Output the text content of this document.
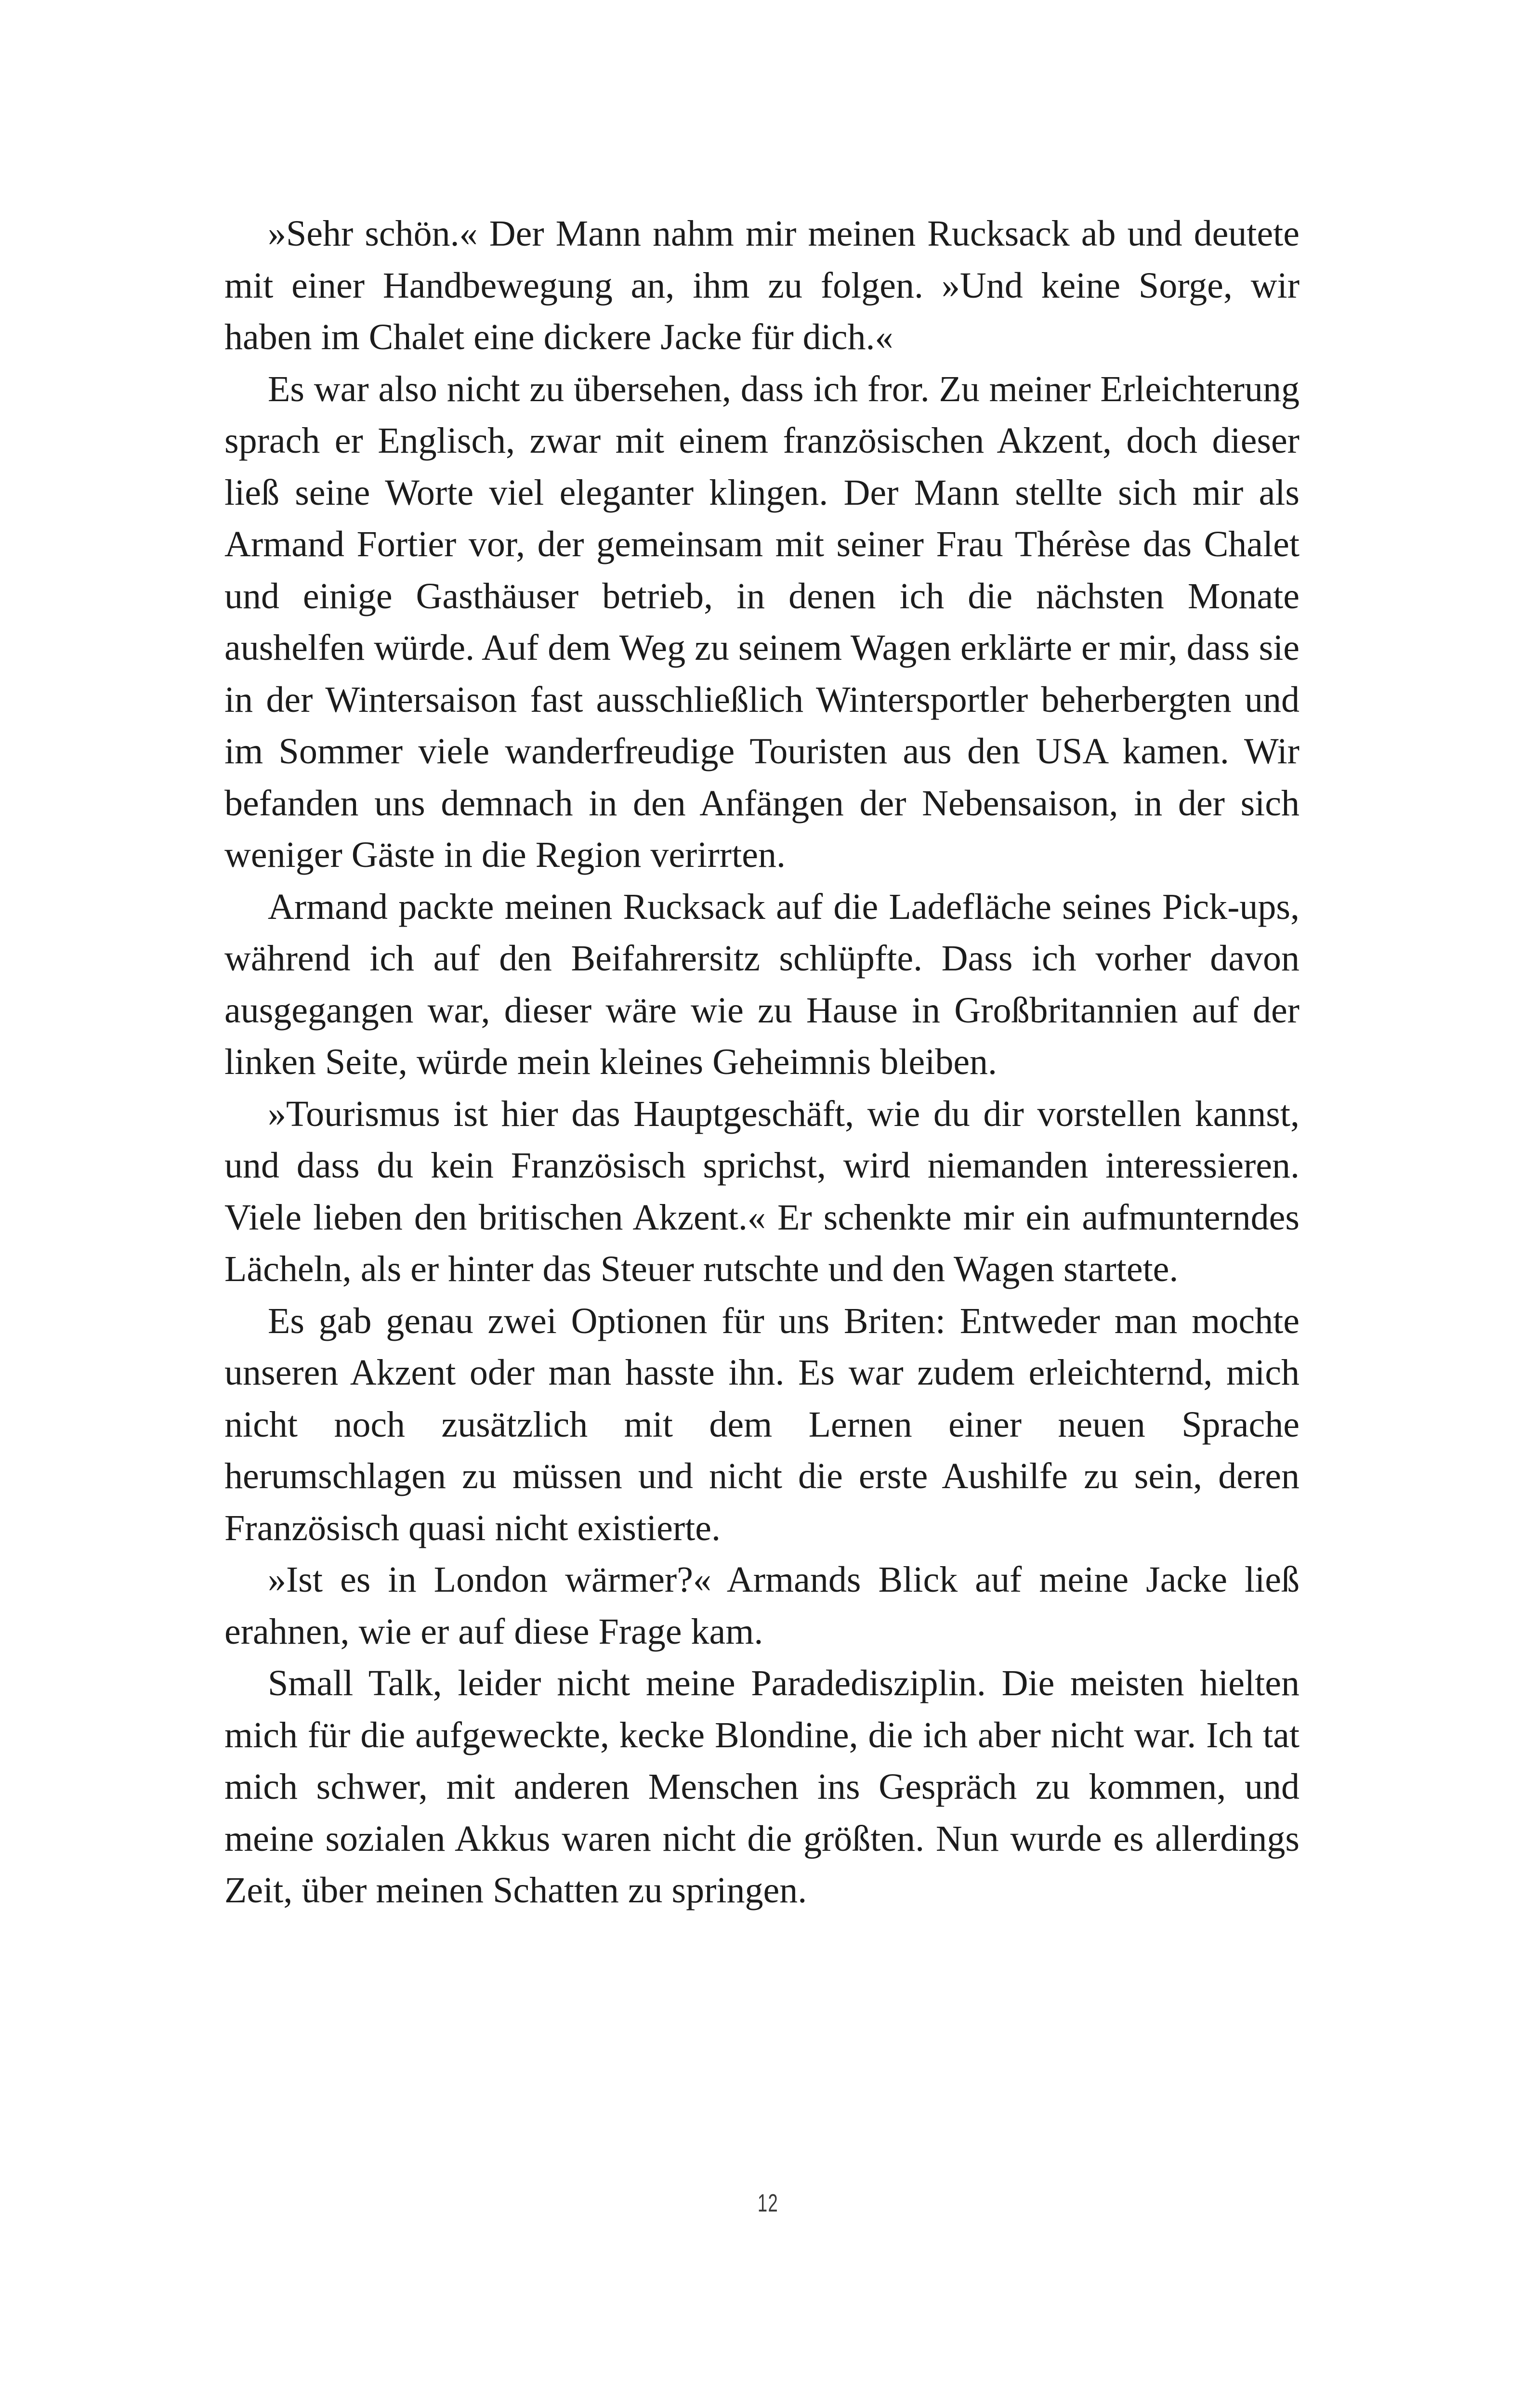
»Sehr schön.« Der Mann nahm mir meinen Rucksack ab und deutete mit einer Handbewegung an, ihm zu folgen. »Und keine Sorge, wir haben im Chalet eine dickere Jacke für dich.«

Es war also nicht zu übersehen, dass ich fror. Zu meiner Erleichterung sprach er Englisch, zwar mit einem französischen Akzent, doch dieser ließ seine Worte viel eleganter klingen. Der Mann stellte sich mir als Armand Fortier vor, der gemeinsam mit seiner Frau Thérèse das Chalet und einige Gasthäuser betrieb, in denen ich die nächsten Monate aushelfen würde. Auf dem Weg zu seinem Wagen erklärte er mir, dass sie in der Wintersaison fast ausschließlich Wintersportler beherbergten und im Sommer viele wanderfreudige Touristen aus den USA kamen. Wir befanden uns demnach in den Anfängen der Nebensaison, in der sich weniger Gäste in die Region verirrten.

Armand packte meinen Rucksack auf die Ladefläche seines Pick-ups, während ich auf den Beifahrersitz schlüpfte. Dass ich vorher davon ausgegangen war, dieser wäre wie zu Hause in Großbritannien auf der linken Seite, würde mein kleines Geheimnis bleiben.

»Tourismus ist hier das Hauptgeschäft, wie du dir vorstellen kannst, und dass du kein Französisch sprichst, wird niemanden interessieren. Viele lieben den britischen Akzent.« Er schenkte mir ein aufmunterndes Lächeln, als er hinter das Steuer rutschte und den Wagen startete.

Es gab genau zwei Optionen für uns Briten: Entweder man mochte unseren Akzent oder man hasste ihn. Es war zudem erleichternd, mich nicht noch zusätzlich mit dem Lernen einer neuen Sprache herumschlagen zu müssen und nicht die erste Aushilfe zu sein, deren Französisch quasi nicht existierte.

»Ist es in London wärmer?« Armands Blick auf meine Jacke ließ erahnen, wie er auf diese Frage kam.

Small Talk, leider nicht meine Paradedisziplin. Die meisten hielten mich für die aufgeweckte, kecke Blondine, die ich aber nicht war. Ich tat mich schwer, mit anderen Menschen ins Gespräch zu kommen, und meine sozialen Akkus waren nicht die größten. Nun wurde es allerdings Zeit, über meinen Schatten zu springen.

12
